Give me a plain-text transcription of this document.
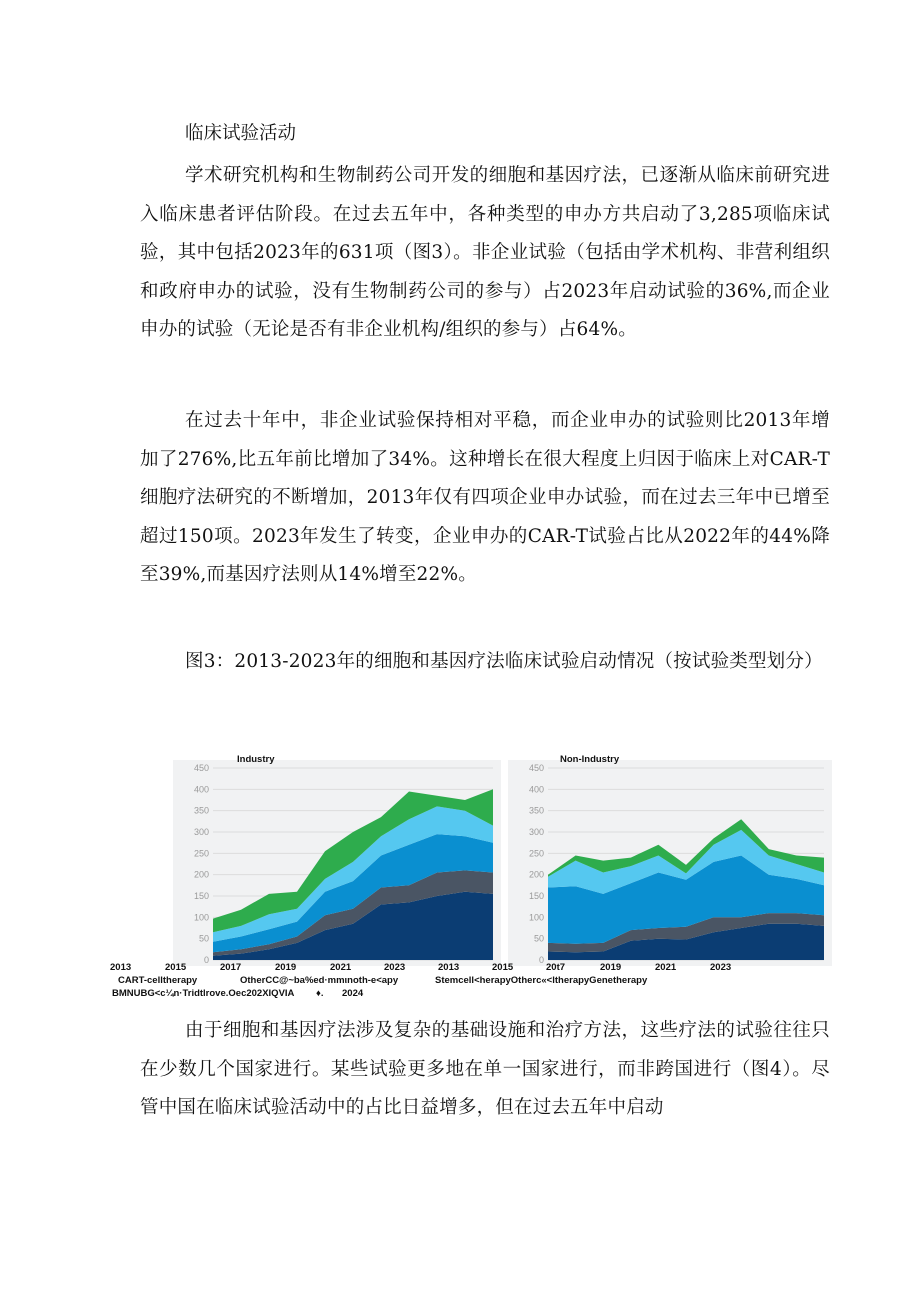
临床试验活动

学术研究机构和生物制药公司开发的细胞和基因疗法，已逐渐从临床前研究进入临床患者评估阶段。在过去五年中，各种类型的申办方共启动了3,285项临床试验，其中包括2023年的631项（图3）。非企业试验（包括由学术机构、非营利组织和政府申办的试验，没有生物制药公司的参与）占2023年启动试验的36%,而企业申办的试验（无论是否有非企业机构/组织的参与）占64%。

在过去十年中，非企业试验保持相对平稳，而企业申办的试验则比2013年增加了276%,比五年前比增加了34%。这种增长在很大程度上归因于临床上对CAR-T细胞疗法研究的不断增加，2013年仅有四项企业申办试验，而在过去三年中已增至超过150项。2023年发生了转变，企业申办的CAR-T试验占比从2022年的44%降至39%,而基因疗法则从14%增至22%。

图3：2013-2023年的细胞和基因疗法临床试验启动情况（按试验类型划分）

0
50
100
150
200
250
300
350
400
450
Industry
0
50
100
150
200
250
300
350
400
450
Non-Industry

2013	2015	2017	2019	2021	2023	2013	2015	20t7	2019	2021	2023

CART-celltherapy	OtherCC@~ba%ed·mmιnoth-e<apy	Stemcell<herapyOtherc«<ltherapyGenetherapy

BMNUBG<c¼n·Tridtlrove.Oec202XIQVIA ♦. 2024

由于细胞和基因疗法涉及复杂的基础设施和治疗方法，这些疗法的试验往往只在少数几个国家进行。某些试验更多地在单一国家进行，而非跨国进行（图4）。尽管中国在临床试验活动中的占比日益增多，但在过去五年中启动
